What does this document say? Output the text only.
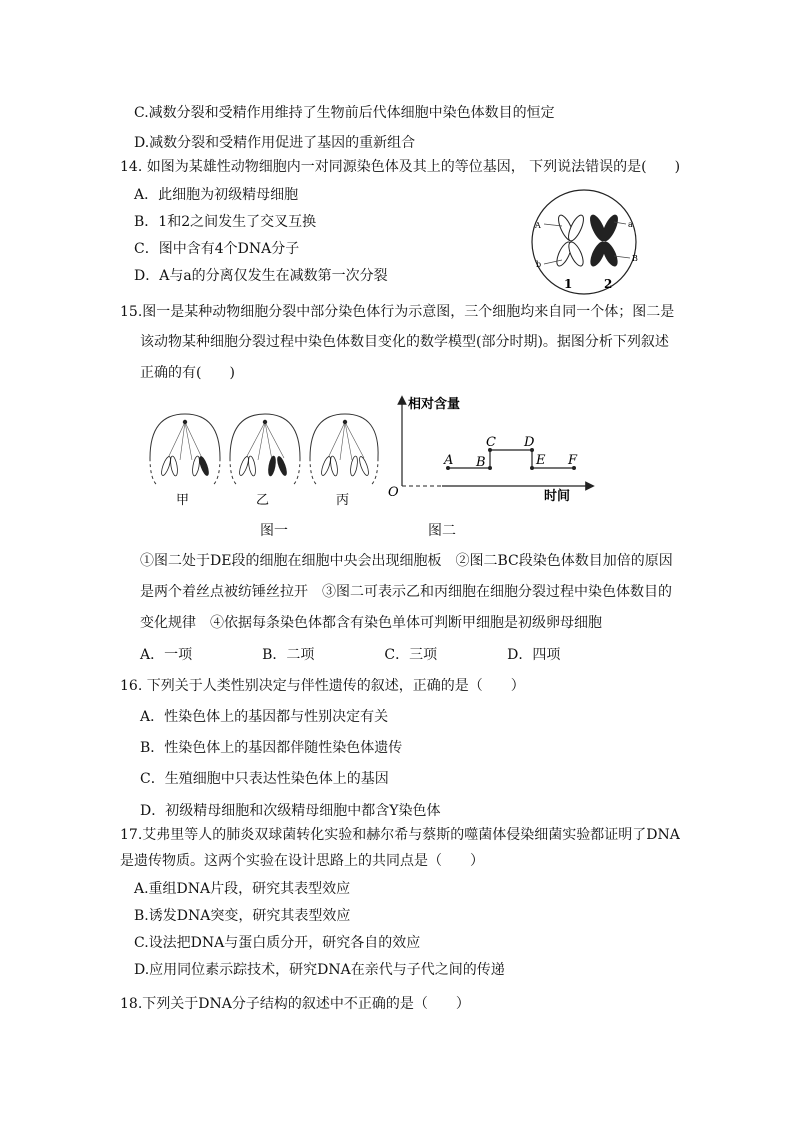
C.减数分裂和受精作用维持了生物前后代体细胞中染色体数目的恒定
D.减数分裂和受精作用促进了基因的重新组合
14. 如图为某雄性动物细胞内一对同源染色体及其上的等位基因， 下列说法错误的是(　　)
A．此细胞为初级精母细胞
B．1和2之间发生了交叉互换
C．图中含有4个DNA分子
D．A与a的分离仅发生在减数第一次分裂
A
b
a
B
1	2
15.图一是某种动物细胞分裂中部分染色体行为示意图，三个细胞均来自同一个体；图二是
该动物某种细胞分裂过程中染色体数目变化的数学模型(部分时期)。据图分析下列叙述
正确的有(　　)
甲	乙	丙
相对含量
时间
O
A B
C D
E F
图一	图二
①图二处于DE段的细胞在细胞中央会出现细胞板　②图二BC段染色体数目加倍的原因
是两个着丝点被纺锤丝拉开　③图二可表示乙和丙细胞在细胞分裂过程中染色体数目的
变化规律　④依据每条染色体都含有染色单体可判断甲细胞是初级卵母细胞
A．一项　　　　　B．二项　　　　　C．三项　　　　　D．四项
16. 下列关于人类性别决定与伴性遗传的叙述，正确的是（　　）
A．性染色体上的基因都与性别决定有关
B．性染色体上的基因都伴随性染色体遗传
C．生殖细胞中只表达性染色体上的基因
D．初级精母细胞和次级精母细胞中都含Y染色体
17.艾弗里等人的肺炎双球菌转化实验和赫尔希与蔡斯的噬菌体侵染细菌实验都证明了DNA
是遗传物质。这两个实验在设计思路上的共同点是（　　）
A.重组DNA片段，研究其表型效应
B.诱发DNA突变，研究其表型效应
C.设法把DNA与蛋白质分开，研究各自的效应
D.应用同位素示踪技术，研究DNA在亲代与子代之间的传递
18.下列关于DNA分子结构的叙述中不正确的是（　　）
